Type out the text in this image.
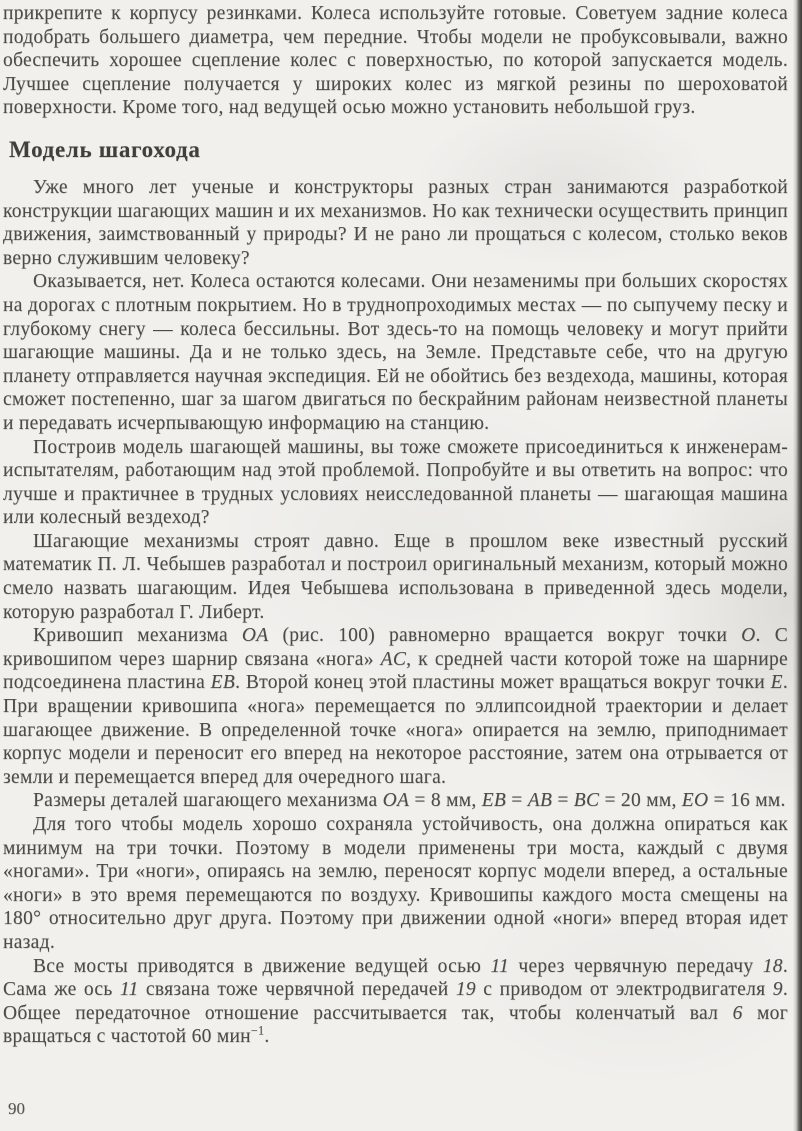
прикрепите к корпусу резинками. Колеса используйте готовые. Советуем задние колеса подобрать большего диаметра, чем передние. Чтобы модели не пробуксовывали, важно обеспечить хорошее сцепление колес с поверхностью, по которой запускается модель. Лучшее сцепление получается у широких колес из мягкой резины по шероховатой поверхности. Кроме того, над ведущей осью можно установить небольшой груз.

Модель шагохода

Уже много лет ученые и конструкторы разных стран занимаются разработкой конструкции шагающих машин и их механизмов. Но как технически осуществить принцип движения, заимствованный у природы? И не рано ли прощаться с колесом, столько веков верно служившим человеку?

Оказывается, нет. Колеса остаются колесами. Они незаменимы при больших скоростях на дорогах с плотным покрытием. Но в труднопроходимых местах — по сыпучему песку и глубокому снегу — колеса бессильны. Вот здесь-то на помощь человеку и могут прийти шагающие машины. Да и не только здесь, на Земле. Представьте себе, что на другую планету отправляется научная экспедиция. Ей не обойтись без вездехода, машины, которая сможет постепенно, шаг за шагом двигаться по бескрайним районам неизвестной планеты и передавать исчерпывающую информацию на станцию.

Построив модель шагающей машины, вы тоже сможете присоединиться к инженерам-испытателям, работающим над этой проблемой. Попробуйте и вы ответить на вопрос: что лучше и практичнее в трудных условиях неисследованной планеты — шагающая машина или колесный вездеход?

Шагающие механизмы строят давно. Еще в прошлом веке известный русский математик П. Л. Чебышев разработал и построил оригинальный механизм, который можно смело назвать шагающим. Идея Чебышева использована в приведенной здесь модели, которую разработал Г. Либерт.

Кривошип механизма OA (рис. 100) равномерно вращается вокруг точки O. С кривошипом через шарнир связана «нога» AC, к средней части которой тоже на шарнире подсоединена пластина EB. Второй конец этой пластины может вращаться вокруг точки E. При вращении кривошипа «нога» перемещается по эллипсоидной траектории и делает шагающее движение. В определенной точке «нога» опирается на землю, приподнимает корпус модели и переносит его вперед на некоторое расстояние, затем она отрывается от земли и перемещается вперед для очередного шага.

Размеры деталей шагающего механизма OA = 8 мм, EB = AB = BC = 20 мм, EO = 16 мм.

Для того чтобы модель хорошо сохраняла устойчивость, она должна опираться как минимум на три точки. Поэтому в модели применены три моста, каждый с двумя «ногами». Три «ноги», опираясь на землю, переносят корпус модели вперед, а остальные «ноги» в это время перемещаются по воздуху. Кривошипы каждого моста смещены на 180° относительно друг друга. Поэтому при движении одной «ноги» вперед вторая идет назад.

Все мосты приводятся в движение ведущей осью 11 через червячную передачу 18. Сама же ось 11 связана тоже червячной передачей 19 с приводом от электродвигателя 9. Общее передаточное отношение рассчитывается так, чтобы коленчатый вал 6 мог вращаться с частотой 60 мин$^{-1}$.

90
